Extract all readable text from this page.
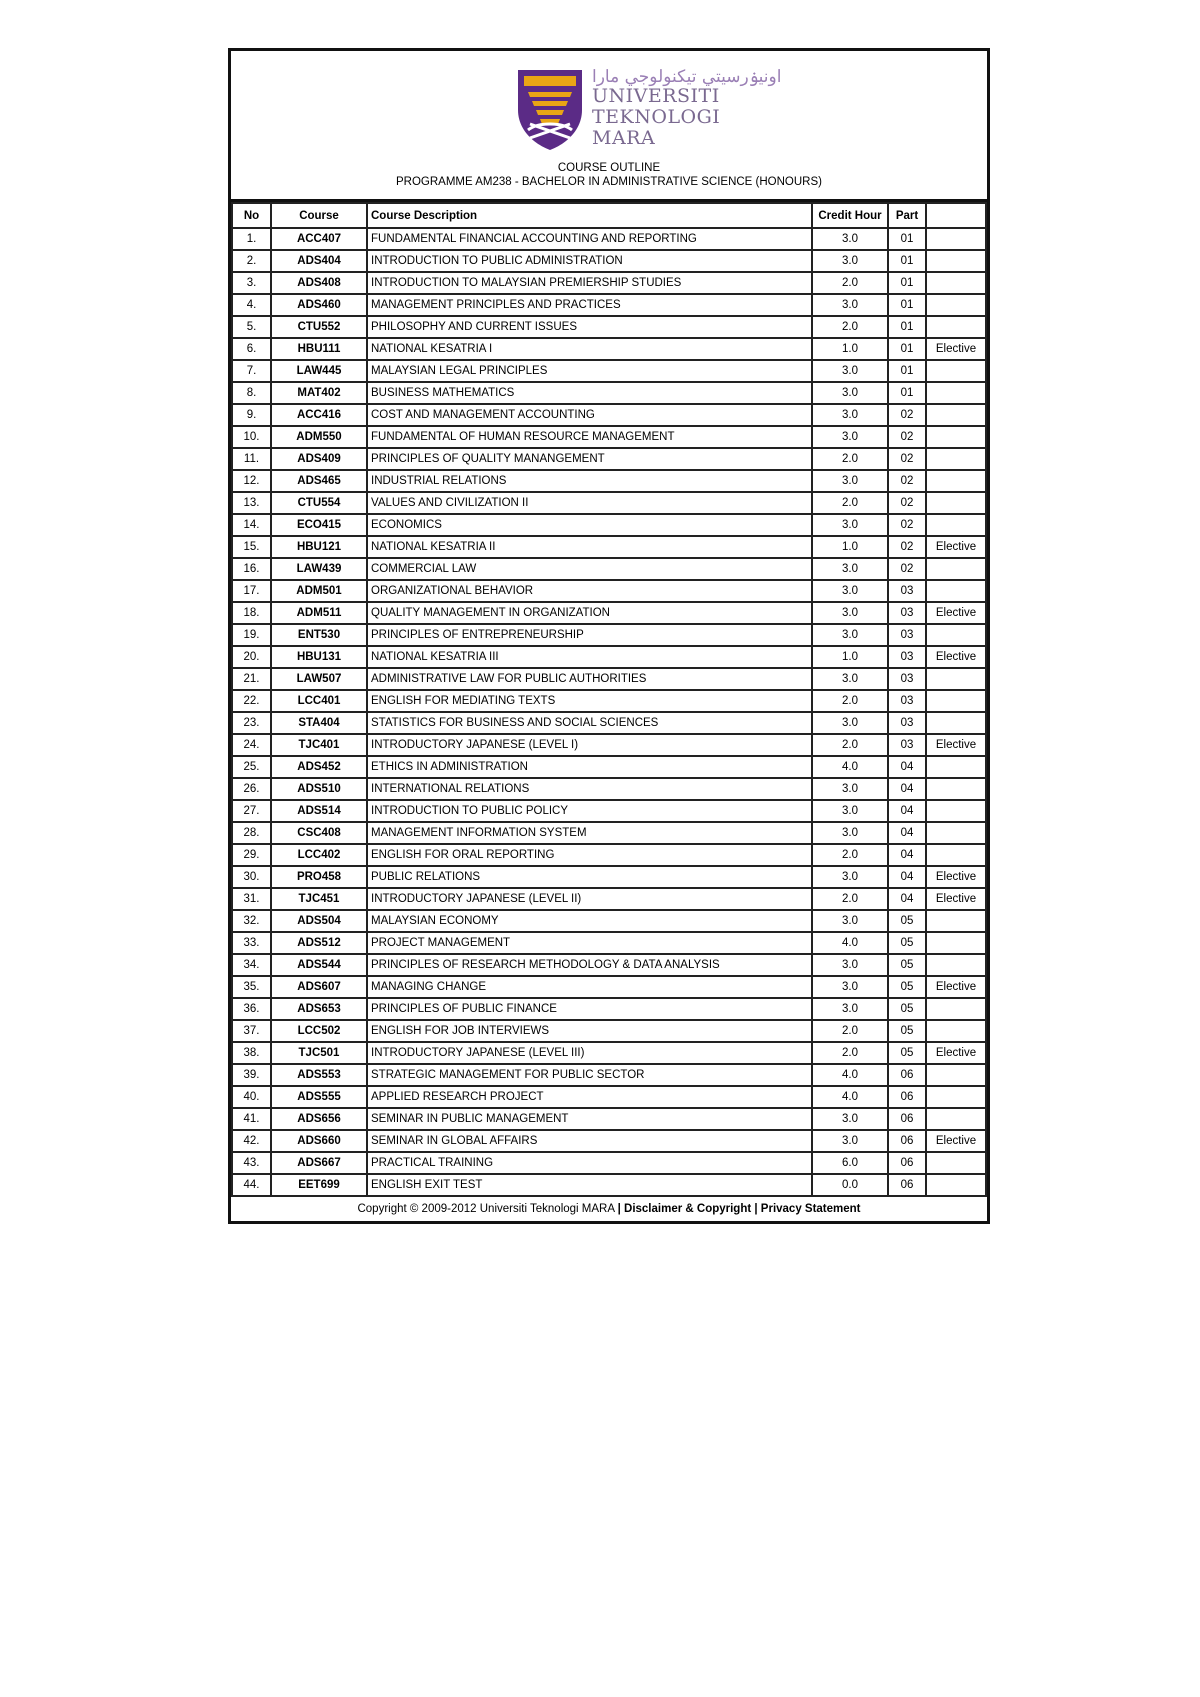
اونيۏرسيتي تيكنولوجي مارا
UNIVERSITI
TEKNOLOGI
MARA
COURSE OUTLINE
PROGRAMME AM238 - BACHELOR IN ADMINISTRATIVE SCIENCE (HONOURS)
No	Course	Course Description	Credit Hour	Part	
1.	ACC407	FUNDAMENTAL FINANCIAL ACCOUNTING AND REPORTING	3.0	01	
2.	ADS404	INTRODUCTION TO PUBLIC ADMINISTRATION	3.0	01	
3.	ADS408	INTRODUCTION TO MALAYSIAN PREMIERSHIP STUDIES	2.0	01	
4.	ADS460	MANAGEMENT PRINCIPLES AND PRACTICES	3.0	01	
5.	CTU552	PHILOSOPHY AND CURRENT ISSUES	2.0	01	
6.	HBU111	NATIONAL KESATRIA I	1.0	01	Elective
7.	LAW445	MALAYSIAN LEGAL PRINCIPLES	3.0	01	
8.	MAT402	BUSINESS MATHEMATICS	3.0	01	
9.	ACC416	COST AND MANAGEMENT ACCOUNTING	3.0	02	
10.	ADM550	FUNDAMENTAL OF HUMAN RESOURCE MANAGEMENT	3.0	02	
11.	ADS409	PRINCIPLES OF QUALITY MANANGEMENT	2.0	02	
12.	ADS465	INDUSTRIAL RELATIONS	3.0	02	
13.	CTU554	VALUES AND CIVILIZATION II	2.0	02	
14.	ECO415	ECONOMICS	3.0	02	
15.	HBU121	NATIONAL KESATRIA II	1.0	02	Elective
16.	LAW439	COMMERCIAL LAW	3.0	02	
17.	ADM501	ORGANIZATIONAL BEHAVIOR	3.0	03	
18.	ADM511	QUALITY MANAGEMENT IN ORGANIZATION	3.0	03	Elective
19.	ENT530	PRINCIPLES OF ENTREPRENEURSHIP	3.0	03	
20.	HBU131	NATIONAL KESATRIA III	1.0	03	Elective
21.	LAW507	ADMINISTRATIVE LAW FOR PUBLIC AUTHORITIES	3.0	03	
22.	LCC401	ENGLISH FOR MEDIATING TEXTS	2.0	03	
23.	STA404	STATISTICS FOR BUSINESS AND SOCIAL SCIENCES	3.0	03	
24.	TJC401	INTRODUCTORY JAPANESE (LEVEL I)	2.0	03	Elective
25.	ADS452	ETHICS IN ADMINISTRATION	4.0	04	
26.	ADS510	INTERNATIONAL RELATIONS	3.0	04	
27.	ADS514	INTRODUCTION TO PUBLIC POLICY	3.0	04	
28.	CSC408	MANAGEMENT INFORMATION SYSTEM	3.0	04	
29.	LCC402	ENGLISH FOR ORAL REPORTING	2.0	04	
30.	PRO458	PUBLIC RELATIONS	3.0	04	Elective
31.	TJC451	INTRODUCTORY JAPANESE (LEVEL II)	2.0	04	Elective
32.	ADS504	MALAYSIAN ECONOMY	3.0	05	
33.	ADS512	PROJECT MANAGEMENT	4.0	05	
34.	ADS544	PRINCIPLES OF RESEARCH METHODOLOGY & DATA ANALYSIS	3.0	05	
35.	ADS607	MANAGING CHANGE	3.0	05	Elective
36.	ADS653	PRINCIPLES OF PUBLIC FINANCE	3.0	05	
37.	LCC502	ENGLISH FOR JOB INTERVIEWS	2.0	05	
38.	TJC501	INTRODUCTORY JAPANESE (LEVEL III)	2.0	05	Elective
39.	ADS553	STRATEGIC MANAGEMENT FOR PUBLIC SECTOR	4.0	06	
40.	ADS555	APPLIED RESEARCH PROJECT	4.0	06	
41.	ADS656	SEMINAR IN PUBLIC MANAGEMENT	3.0	06	
42.	ADS660	SEMINAR IN GLOBAL AFFAIRS	3.0	06	Elective
43.	ADS667	PRACTICAL TRAINING	6.0	06	
44.	EET699	ENGLISH EXIT TEST	0.0	06	
Copyright © 2009-2012 Universiti Teknologi MARA | Disclaimer & Copyright | Privacy Statement
